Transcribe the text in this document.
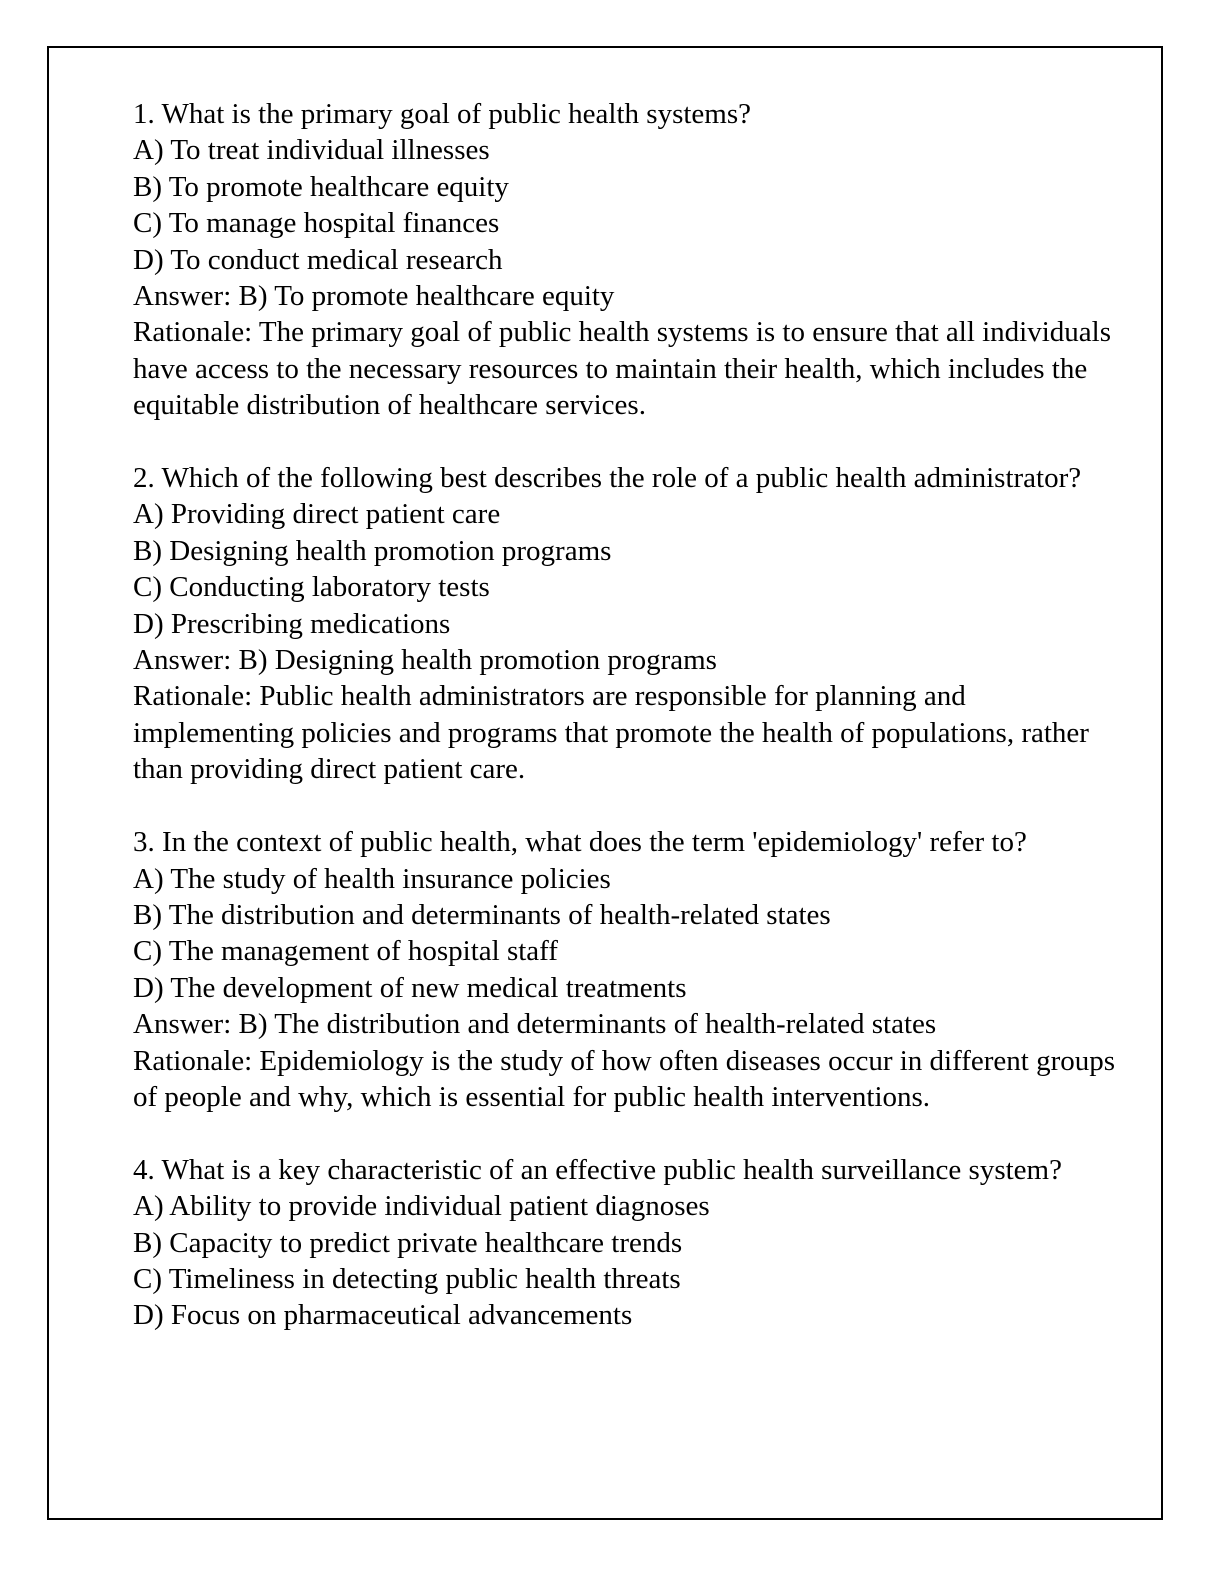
1. What is the primary goal of public health systems?

A) To treat individual illnesses

B) To promote healthcare equity

C) To manage hospital finances

D) To conduct medical research

Answer: B) To promote healthcare equity

Rationale: The primary goal of public health systems is to ensure that all individuals have access to the necessary resources to maintain their health, which includes the equitable distribution of healthcare services.

2. Which of the following best describes the role of a public health administrator?

A) Providing direct patient care

B) Designing health promotion programs

C) Conducting laboratory tests

D) Prescribing medications

Answer: B) Designing health promotion programs

Rationale: Public health administrators are responsible for planning and implementing policies and programs that promote the health of populations, rather than providing direct patient care.

3. In the context of public health, what does the term 'epidemiology' refer to?

A) The study of health insurance policies

B) The distribution and determinants of health-related states

C) The management of hospital staff

D) The development of new medical treatments

Answer: B) The distribution and determinants of health-related states

Rationale: Epidemiology is the study of how often diseases occur in different groups of people and why, which is essential for public health interventions.

4. What is a key characteristic of an effective public health surveillance system?

A) Ability to provide individual patient diagnoses

B) Capacity to predict private healthcare trends

C) Timeliness in detecting public health threats

D) Focus on pharmaceutical advancements
